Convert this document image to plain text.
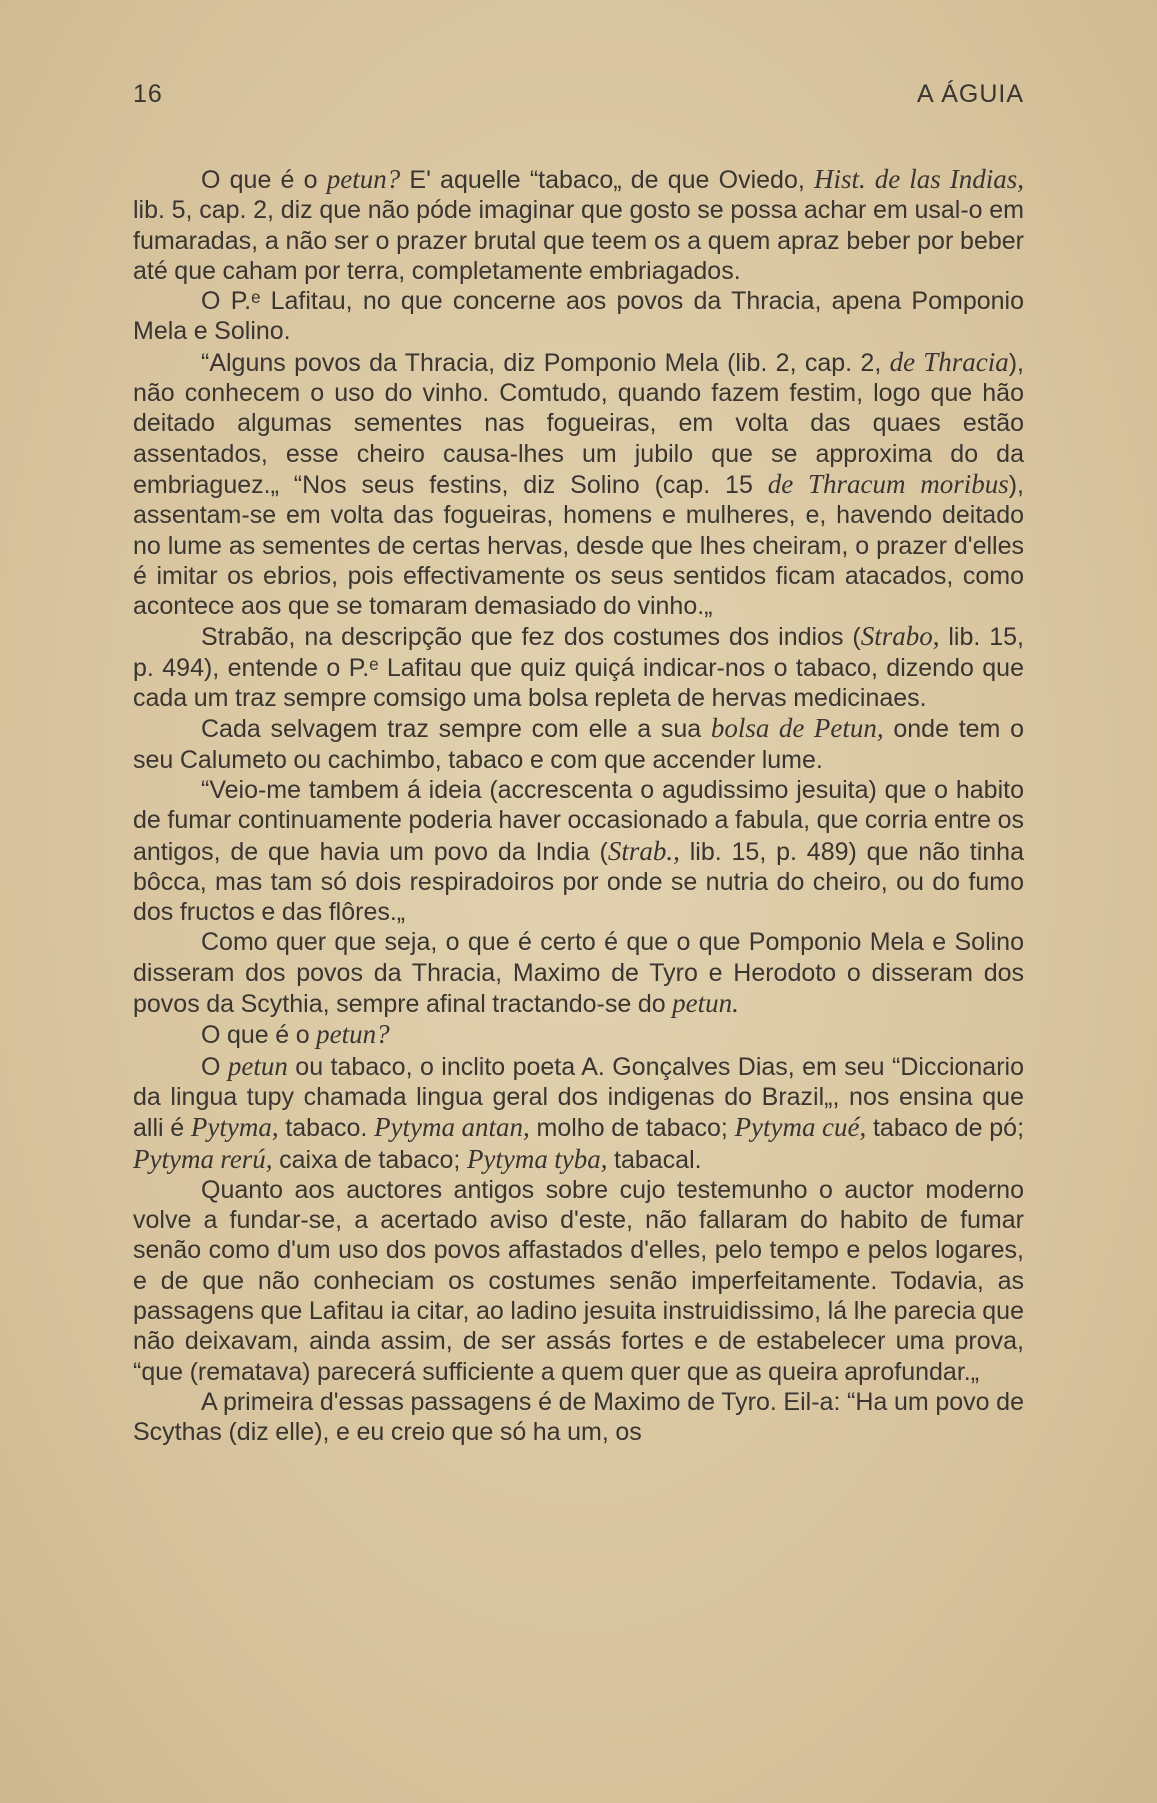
16	A ÁGUIA

O que é o petun? E' aquelle “tabaco„ de que Oviedo, Hist. de las Indias, lib. 5, cap. 2, diz que não póde imaginar que gosto se possa achar em usal-o em fumaradas, a não ser o prazer brutal que teem os a quem apraz beber por beber até que caham por terra, completamente embriagados.

O P.ᵉ Lafitau, no que concerne aos povos da Thracia, apena Pomponio Mela e Solino.

“Alguns povos da Thracia, diz Pomponio Mela (lib. 2, cap. 2, de Thracia), não conhecem o uso do vinho. Comtudo, quando fazem festim, logo que hão deitado algumas sementes nas fogueiras, em volta das quaes estão assentados, esse cheiro causa-lhes um jubilo que se approxima do da embriaguez.„ “Nos seus festins, diz Solino (cap. 15 de Thracum moribus), assentam-se em volta das fogueiras, homens e mulheres, e, havendo deitado no lume as sementes de certas hervas, desde que lhes cheiram, o prazer d'elles é imitar os ebrios, pois effectivamente os seus sentidos ficam atacados, como acontece aos que se tomaram demasiado do vinho.„

Strabão, na descripção que fez dos costumes dos indios (Strabo, lib. 15, p. 494), entende o P.ᵉ Lafitau que quiz quiçá indicar-nos o tabaco, dizendo que cada um traz sempre comsigo uma bolsa repleta de hervas medicinaes.

Cada selvagem traz sempre com elle a sua bolsa de Petun, onde tem o seu Calumeto ou cachimbo, tabaco e com que accender lume.

“Veio-me tambem á ideia (accrescenta o agudissimo jesuita) que o habito de fumar continuamente poderia haver occasionado a fabula, que corria entre os antigos, de que havia um povo da India (Strab., lib. 15, p. 489) que não tinha bôcca, mas tam só dois respiradoiros por onde se nutria do cheiro, ou do fumo dos fructos e das flôres.„

Como quer que seja, o que é certo é que o que Pomponio Mela e Solino disseram dos povos da Thracia, Maximo de Tyro e Herodoto o disseram dos povos da Scythia, sempre afinal tractando-se do petun.

O que é o petun?

O petun ou tabaco, o inclito poeta A. Gonçalves Dias, em seu “Diccionario da lingua tupy chamada lingua geral dos indigenas do Brazil„, nos ensina que alli é Pytyma, tabaco. Pytyma antan, molho de tabaco; Pytyma cué, tabaco de pó; Pytyma rerú, caixa de tabaco; Pytyma tyba, tabacal.

Quanto aos auctores antigos sobre cujo testemunho o auctor moderno volve a fundar-se, a acertado aviso d'este, não fallaram do habito de fumar senão como d'um uso dos povos affastados d'elles, pelo tempo e pelos logares, e de que não conheciam os costumes senão imperfeitamente. Todavia, as passagens que Lafitau ia citar, ao ladino jesuita instruidissimo, lá lhe parecia que não deixavam, ainda assim, de ser assás fortes e de estabelecer uma prova, “que (rematava) parecerá sufficiente a quem quer que as queira aprofundar.„

A primeira d'essas passagens é de Maximo de Tyro. Eil-a: “Ha um povo de Scythas (diz elle), e eu creio que só ha um, os
